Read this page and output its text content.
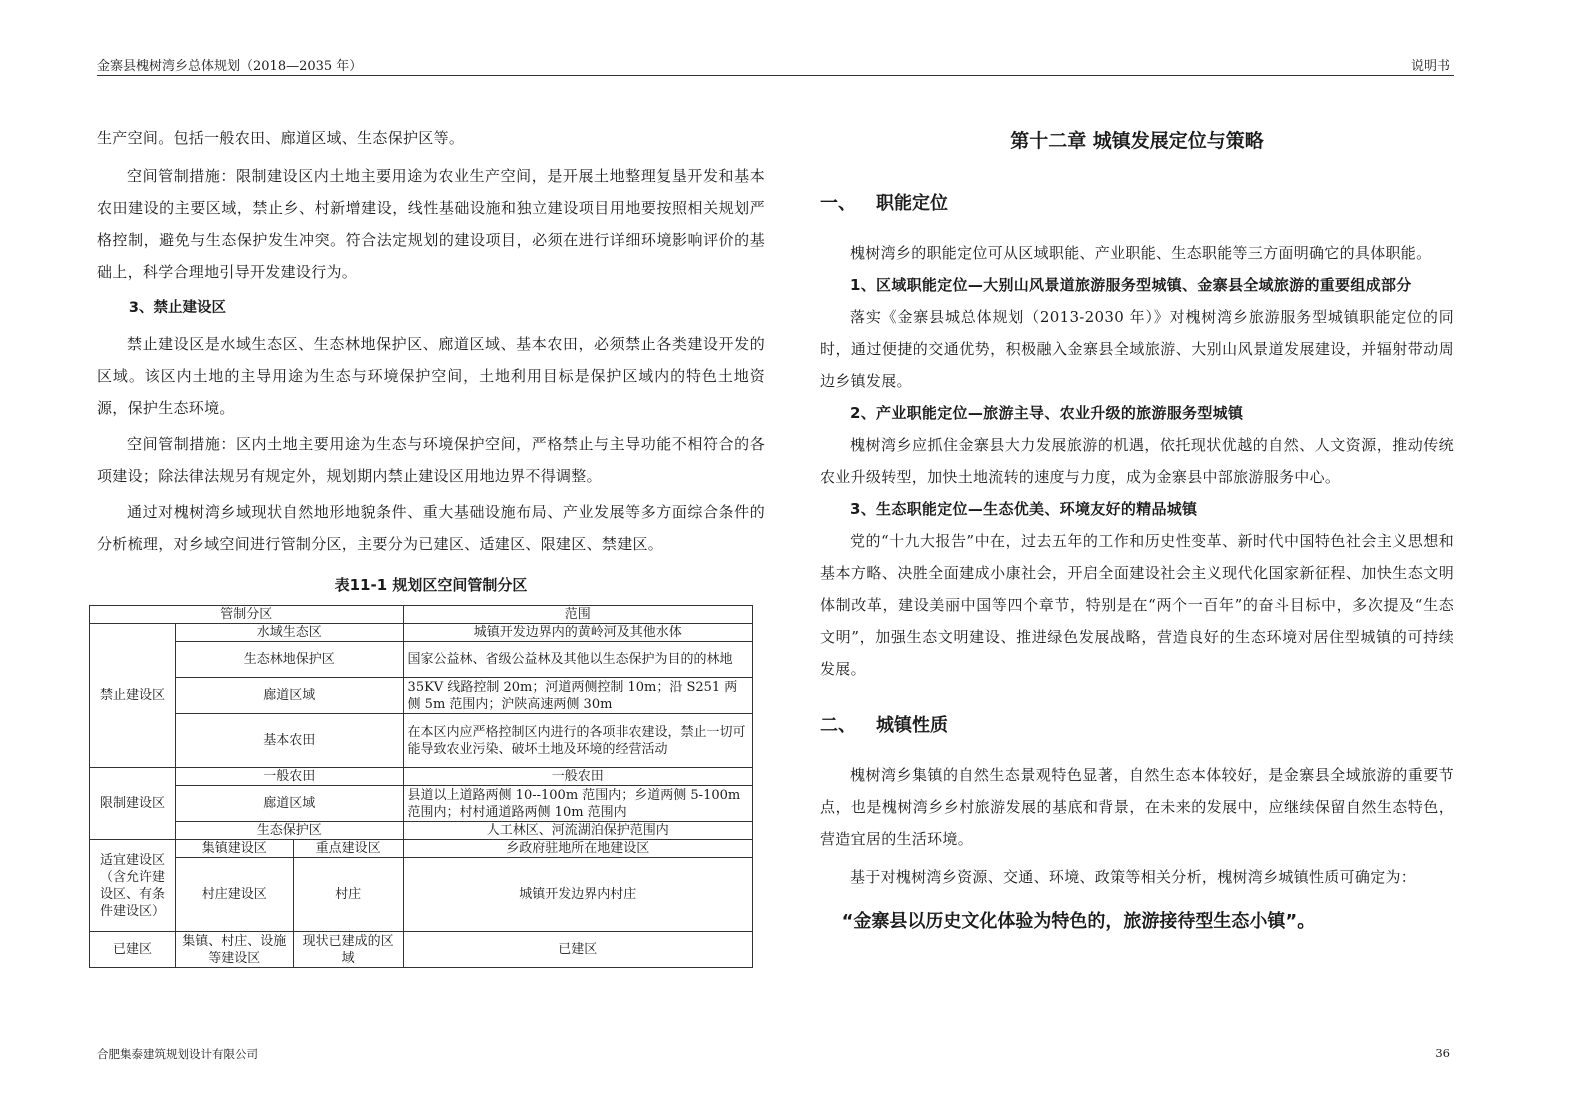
金寨县槐树湾乡总体规划（2018—2035 年）	说明书

生产空间。包括一般农田、廊道区域、生态保护区等。

空间管制措施：限制建设区内土地主要用途为农业生产空间，是开展土地整理复垦开发和基本农田建设的主要区域，禁止乡、村新增建设，线性基础设施和独立建设项目用地要按照相关规划严格控制，避免与生态保护发生冲突。符合法定规划的建设项目，必须在进行详细环境影响评价的基础上，科学合理地引导开发建设行为。

3、禁止建设区

禁止建设区是水域生态区、生态林地保护区、廊道区域、基本农田，必须禁止各类建设开发的区域。该区内土地的主导用途为生态与环境保护空间，土地利用目标是保护区域内的特色土地资源，保护生态环境。

空间管制措施：区内土地主要用途为生态与环境保护空间，严格禁止与主导功能不相符合的各项建设；除法律法规另有规定外，规划期内禁止建设区用地边界不得调整。

通过对槐树湾乡域现状自然地形地貌条件、重大基础设施布局、产业发展等多方面综合条件的分析梳理，对乡域空间进行管制分区，主要分为已建区、适建区、限建区、禁建区。

表11-1 规划区空间管制分区
管制分区			范围
禁止建设区	水域生态区		城镇开发边界内的黄岭河及其他水体
	生态林地保护区		国家公益林、省级公益林及其他以生态保护为目的的林地
	廊道区域		35KV 线路控制 20m；河道两侧控制 10m；沿 S251 两侧 5m 范围内；沪陕高速两侧 30m
	基本农田		在本区内应严格控制区内进行的各项非农建设，禁止一切可能导致农业污染、破坏土地及环境的经营活动
限制建设区	一般农田		一般农田
	廊道区域		县道以上道路两侧 10--100m 范围内；乡道两侧 5-100m 范围内；村村通道路两侧 10m 范围内
	生态保护区		人工林区、河流湖泊保护范围内
适宜建设区（含允许建设区、有条件建设区）	集镇建设区	重点建设区	乡政府驻地所在地建设区
	村庄建设区	村庄	城镇开发边界内村庄
已建区	集镇、村庄、设施等建设区	现状已建成的区域	已建区
第十二章 城镇发展定位与策略
一、 职能定位

槐树湾乡的职能定位可从区域职能、产业职能、生态职能等三方面明确它的具体职能。

1、区域职能定位—大别山风景道旅游服务型城镇、金寨县全域旅游的重要组成部分

落实《金寨县城总体规划（2013-2030 年）》对槐树湾乡旅游服务型城镇职能定位的同时，通过便捷的交通优势，积极融入金寨县全域旅游、大别山风景道发展建设，并辐射带动周边乡镇发展。

2、产业职能定位—旅游主导、农业升级的旅游服务型城镇

槐树湾乡应抓住金寨县大力发展旅游的机遇，依托现状优越的自然、人文资源，推动传统农业升级转型，加快土地流转的速度与力度，成为金寨县中部旅游服务中心。

3、生态职能定位—生态优美、环境友好的精品城镇

党的“十九大报告”中在，过去五年的工作和历史性变革、新时代中国特色社会主义思想和基本方略、决胜全面建成小康社会，开启全面建设社会主义现代化国家新征程、加快生态文明体制改革，建设美丽中国等四个章节，特别是在“两个一百年”的奋斗目标中，多次提及“生态文明”，加强生态文明建设、推进绿色发展战略，营造良好的生态环境对居住型城镇的可持续发展。

二、 城镇性质

槐树湾乡集镇的自然生态景观特色显著，自然生态本体较好，是金寨县全域旅游的重要节点，也是槐树湾乡乡村旅游发展的基底和背景，在未来的发展中，应继续保留自然生态特色，营造宜居的生活环境。

基于对槐树湾乡资源、交通、环境、政策等相关分析，槐树湾乡城镇性质可确定为：

“金寨县以历史文化体验为特色的，旅游接待型生态小镇”。
合肥集泰建筑规划设计有限公司	36
